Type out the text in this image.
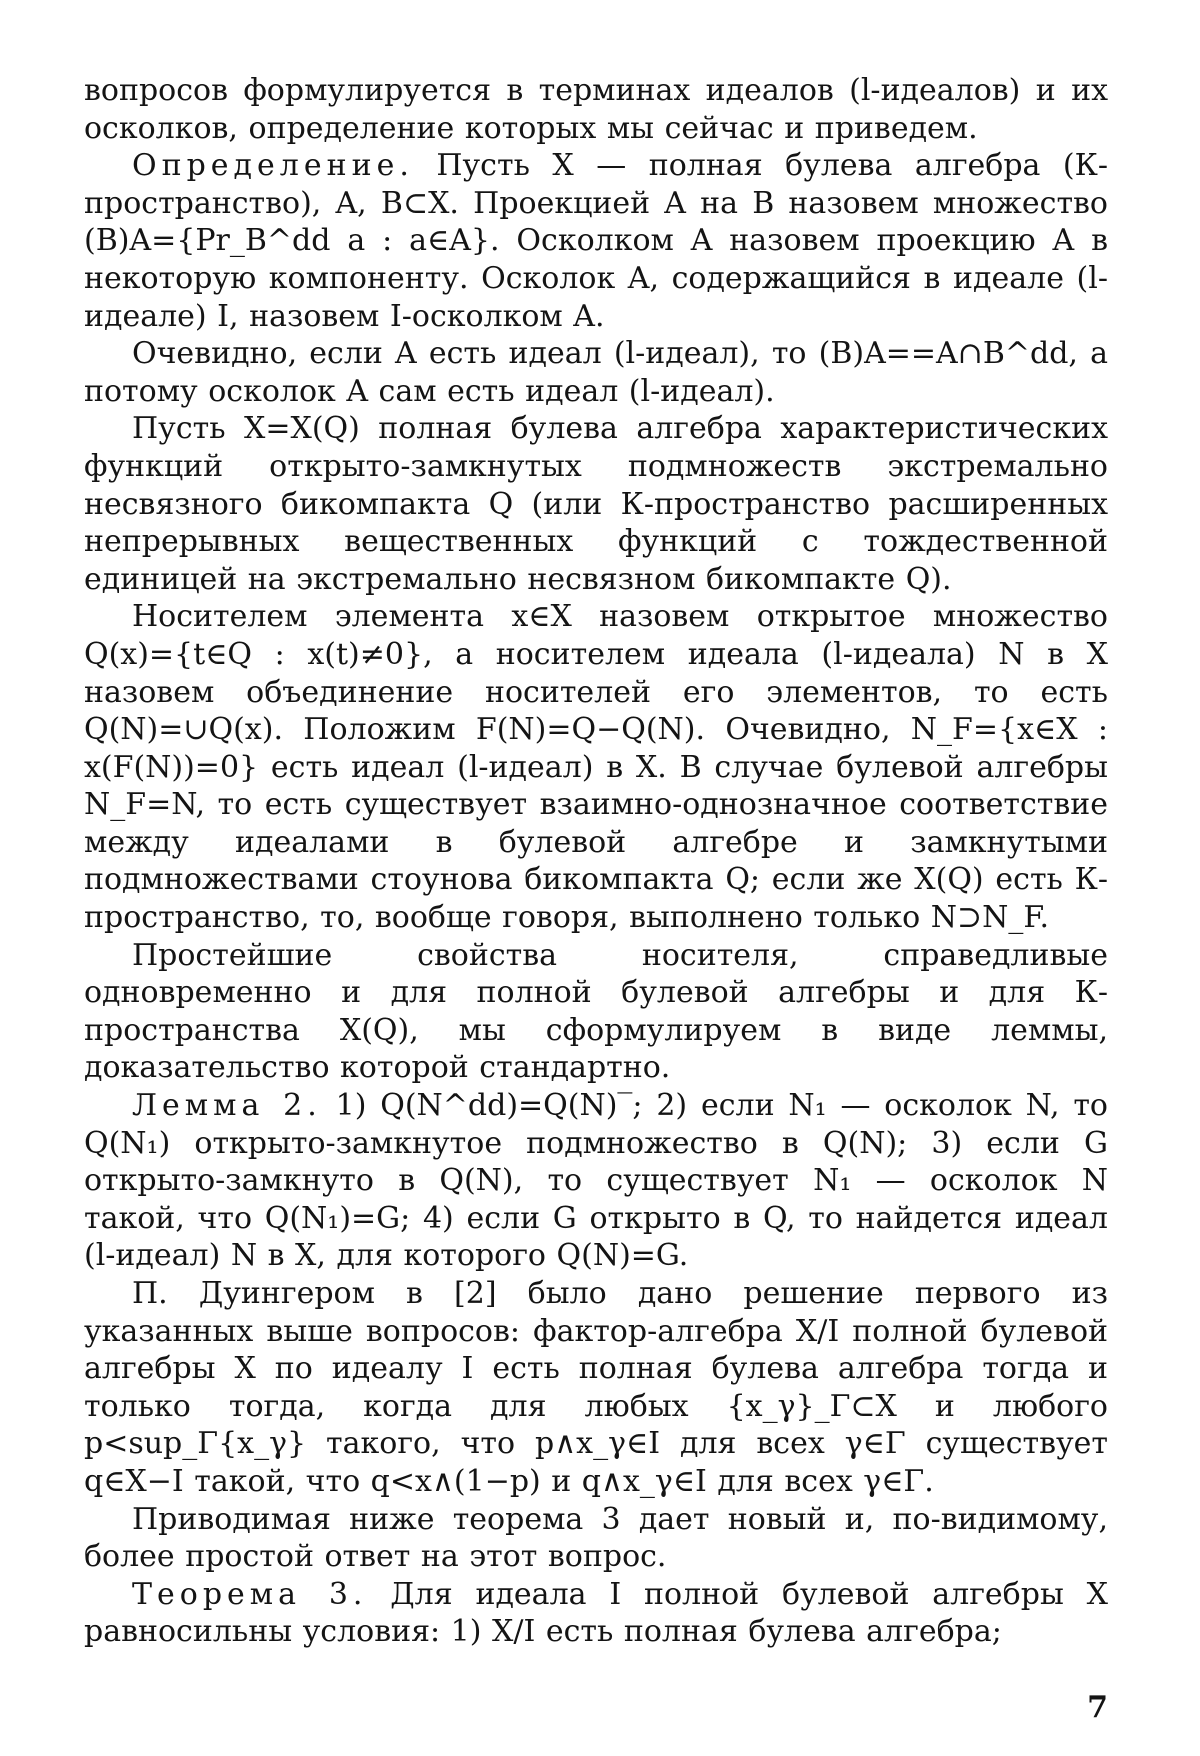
вопросов формулируется в терминах идеалов (l-идеалов) и их осколков, определение которых мы сейчас и приведем.

Определение. Пусть X — полная булева алгебра (К-пространство), A, B⊂X. Проекцией A на B назовем множество (B)A={Pr_B^dd a : a∈A}. Осколком A назовем проекцию A в некоторую компоненту. Осколок A, содержащийся в идеале (l-идеале) I, назовем I-осколком A.

Очевидно, если A есть идеал (l-идеал), то (B)A==A∩B^dd, а потому осколок A сам есть идеал (l-идеал).

Пусть X=X(Q) полная булева алгебра характеристических функций открыто-замкнутых подмножеств экстремально несвязного бикомпакта Q (или К-пространство расширенных непрерывных вещественных функций с тождественной единицей на экстремально несвязном бикомпакте Q).

Носителем элемента x∈X назовем открытое множество Q(x)={t∈Q : x(t)≠0}, а носителем идеала (l-идеала) N в X назовем объединение носителей его элементов, то есть Q(N)=∪Q(x). Положим F(N)=Q−Q(N). Очевидно, N_F={x∈X : x(F(N))=0} есть идеал (l-идеал) в X. В случае булевой алгебры N_F=N, то есть существует взаимно-однозначное соответствие между идеалами в булевой алгебре и замкнутыми подмножествами стоунова бикомпакта Q; если же X(Q) есть К-пространство, то, вообще говоря, выполнено только N⊃N_F.

Простейшие свойства носителя, справедливые одновременно и для полной булевой алгебры и для К-пространства X(Q), мы сформулируем в виде леммы, доказательство которой стандартно.

Лемма 2. 1) Q(N^dd)=Q(N)‾; 2) если N₁ — осколок N, то Q(N₁) открыто-замкнутое подмножество в Q(N); 3) если G открыто-замкнуто в Q(N), то существует N₁ — осколок N такой, что Q(N₁)=G; 4) если G открыто в Q, то найдется идеал (l-идеал) N в X, для которого Q(N)=G.

П. Дуингером в [2] было дано решение первого из указанных выше вопросов: фактор-алгебра X/I полной булевой алгебры X по идеалу I есть полная булева алгебра тогда и только тогда, когда для любых {x_γ}_Γ⊂X и любого p<sup_Γ{x_γ} такого, что p∧x_γ∈I для всех γ∈Γ существует q∈X−I такой, что q<x∧(1−p) и q∧x_γ∈I для всех γ∈Γ.

Приводимая ниже теорема 3 дает новый и, по-видимому, более простой ответ на этот вопрос.

Теорема 3. Для идеала I полной булевой алгебры X равносильны условия: 1) X/I есть полная булева алгебра;

7
